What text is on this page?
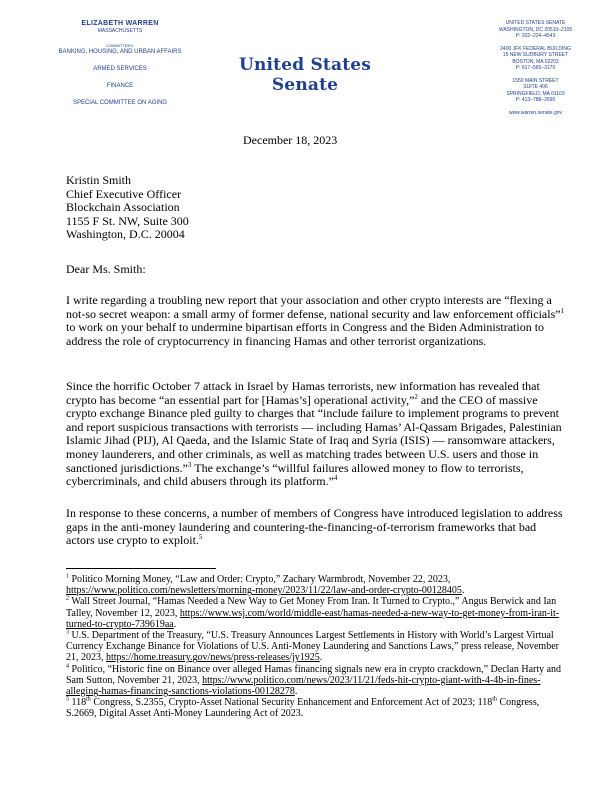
ELIZABETH WARREN
MASSACHUSETTS
COMMITTEES:
BANKING, HOUSING, AND URBAN AFFAIRS
ARMED SERVICES
FINANCE
SPECIAL COMMITTEE ON AGING
United States Senate
UNITED STATES SENATE
WASHINGTON, DC 20510–2105
P: 202–224–4543
2400 JFK FEDERAL BUILDING
15 NEW SUDBURY STREET
BOSTON, MA 02203
P: 617–565–3170
1550 MAIN STREET
SUITE 406
SPRINGFIELD, MA 01103
P: 413–788–2690
www.warren.senate.gov
December 18, 2023
Kristin Smith
Chief Executive Officer
Blockchain Association
1155 F St. NW, Suite 300
Washington, D.C. 20004
Dear Ms. Smith:

I write regarding a troubling new report that your association and other crypto interests are “flexing a not-so secret weapon: a small army of former defense, national security and law enforcement officials”$^1$ to work on your behalf to undermine bipartisan efforts in Congress and the Biden Administration to address the role of cryptocurrency in financing Hamas and other terrorist organizations.

Since the horrific October 7 attack in Israel by Hamas terrorists, new information has revealed that crypto has become “an essential part for [Hamas’s] operational activity,”$^2$ and the CEO of massive crypto exchange Binance pled guilty to charges that “include failure to implement programs to prevent and report suspicious transactions with terrorists — including Hamas’ Al-Qassam Brigades, Palestinian Islamic Jihad (PIJ), Al Qaeda, and the Islamic State of Iraq and Syria (ISIS) — ransomware attackers, money launderers, and other criminals, as well as matching trades between U.S. users and those in sanctioned jurisdictions.”$^3$ The exchange’s “willful failures allowed money to flow to terrorists, cybercriminals, and child abusers through its platform.”$^4$

In response to these concerns, a number of members of Congress have introduced legislation to address gaps in the anti-money laundering and countering-the-financing-of-terrorism frameworks that bad actors use crypto to exploit.$^5$

$^1$ Politico Morning Money, “Law and Order: Crypto,” Zachary Warmbrodt, November 22, 2023, https://www.politico.com/newsletters/morning-money/2023/11/22/law-and-order-crypto-00128405.
$^2$ Wall Street Journal, “Hamas Needed a New Way to Get Money From Iran. It Turned to Crypto.,” Angus Berwick and Ian Talley, November 12, 2023, https://www.wsj.com/world/middle-east/hamas-needed-a-new-way-to-get-money-from-iran-it-turned-to-crypto-739619aa.
$^3$ U.S. Department of the Treasury, “U.S. Treasury Announces Largest Settlements in History with World’s Largest Virtual Currency Exchange Binance for Violations of U.S. Anti-Money Laundering and Sanctions Laws,” press release, November 21, 2023, https://home.treasury.gov/news/press-releases/jy1925.
$^4$ Politico, “Historic fine on Binance over alleged Hamas financing signals new era in crypto crackdown,” Declan Harty and Sam Sutton, November 21, 2023, https://www.politico.com/news/2023/11/21/feds-hit-crypto-giant-with-4-4b-in-fines-alleging-hamas-financing-sanctions-violations-00128278.
$^5$ 118th Congress, S.2355, Crypto-Asset National Security Enhancement and Enforcement Act of 2023; 118th Congress, S.2669, Digital Asset Anti-Money Laundering Act of 2023.
